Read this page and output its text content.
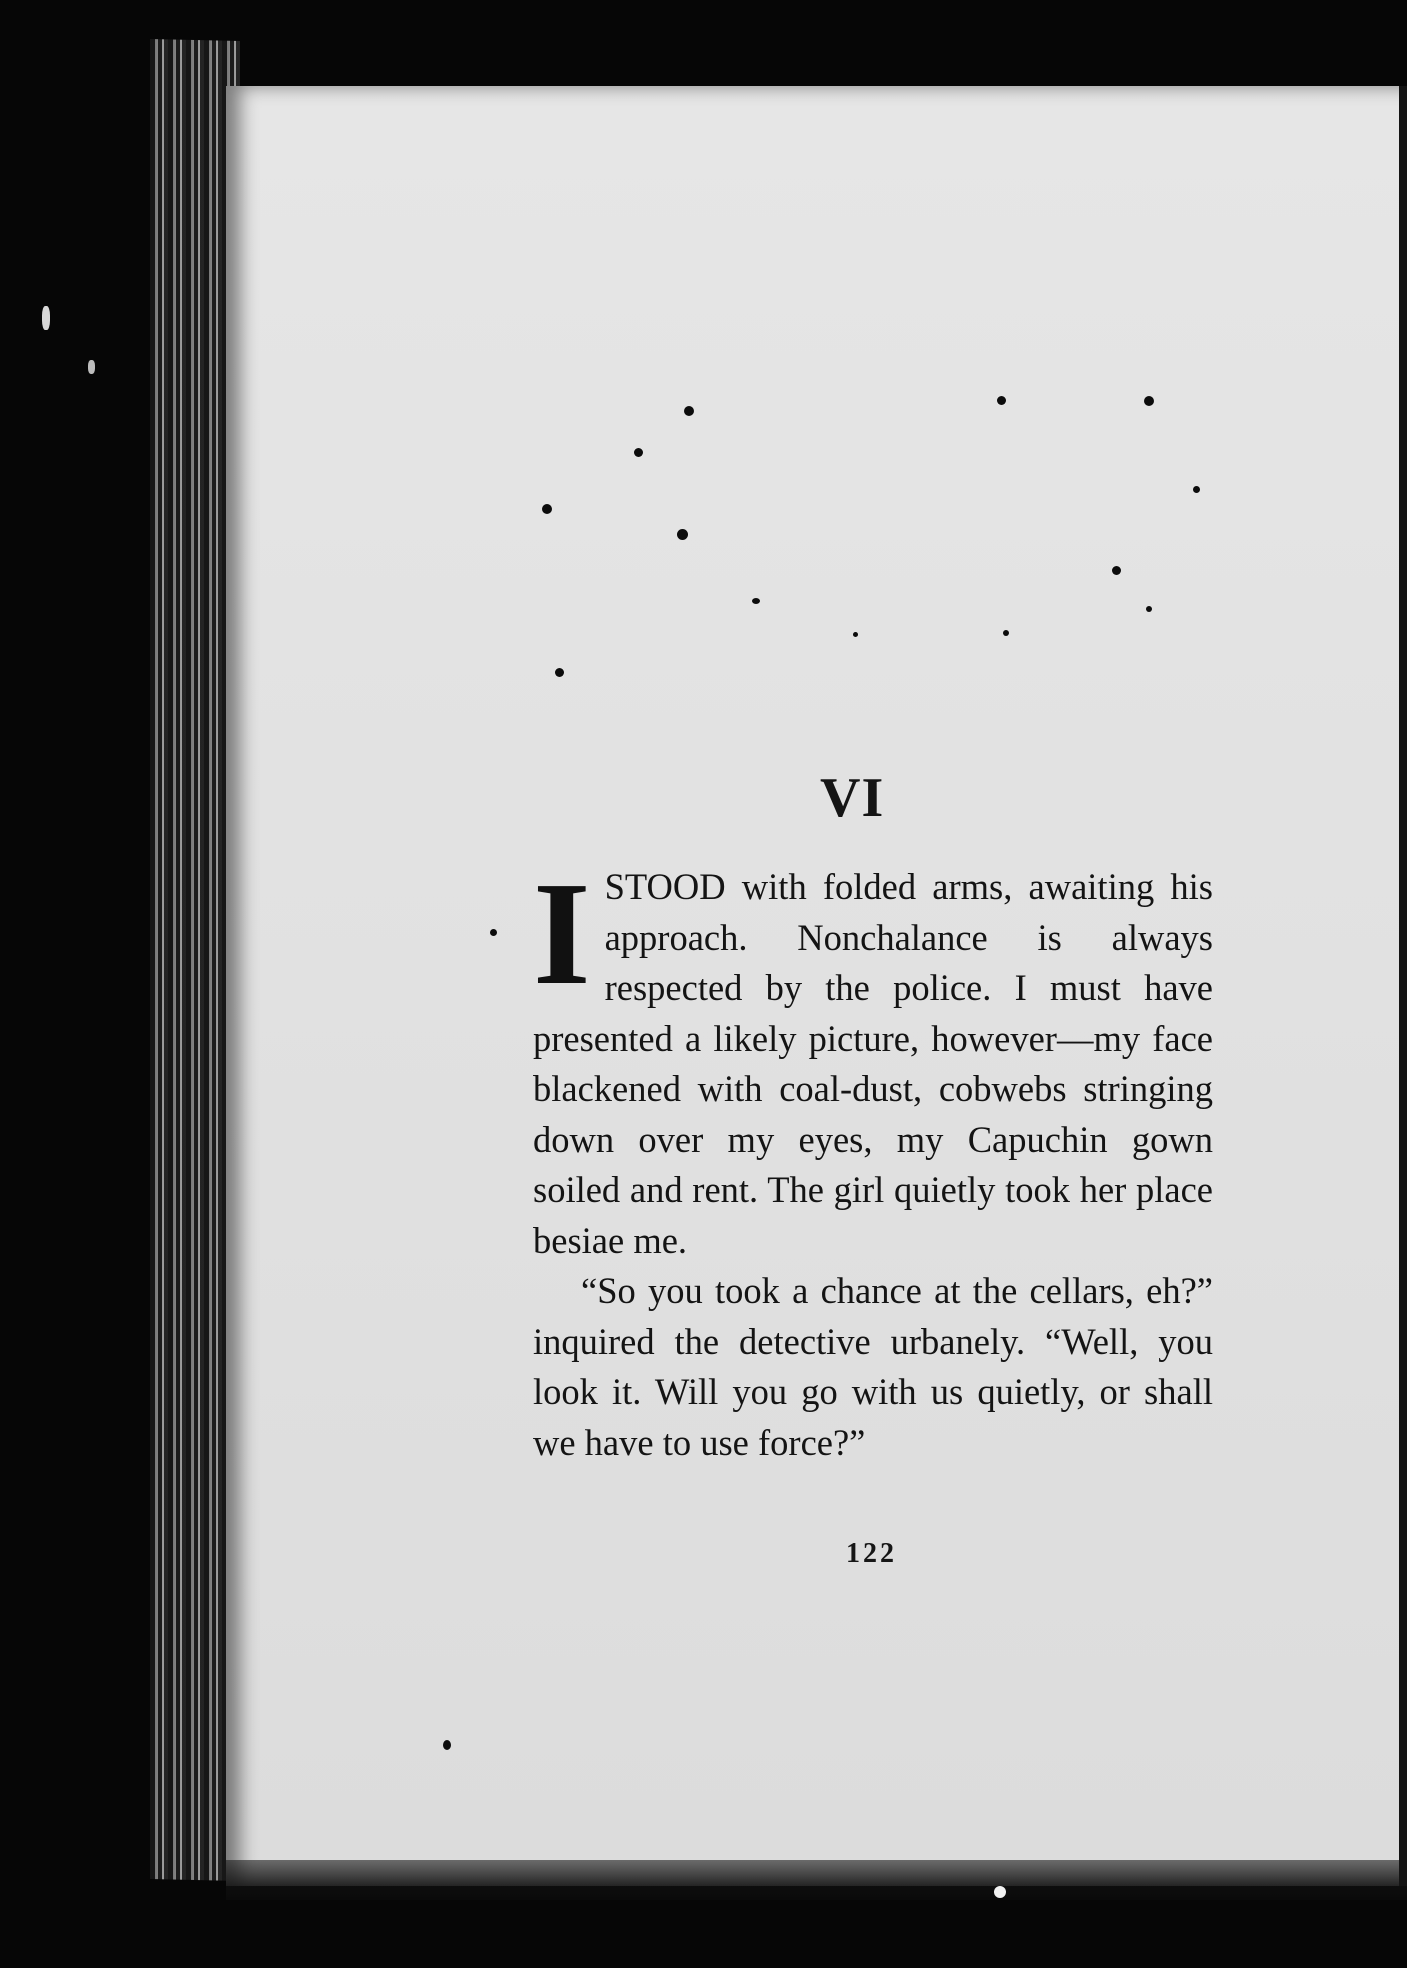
VI

I STOOD with folded arms, awaiting his approach. Nonchalance is always respected by the police. I must have presented a likely picture, however—my face blackened with coal-dust, cobwebs stringing down over my eyes, my Capuchin gown soiled and rent. The girl quietly took her place besiae me.

“So you took a chance at the cellars, eh?” inquired the detective urbanely. “Well, you look it. Will you go with us quietly, or shall we have to use force?”

122
